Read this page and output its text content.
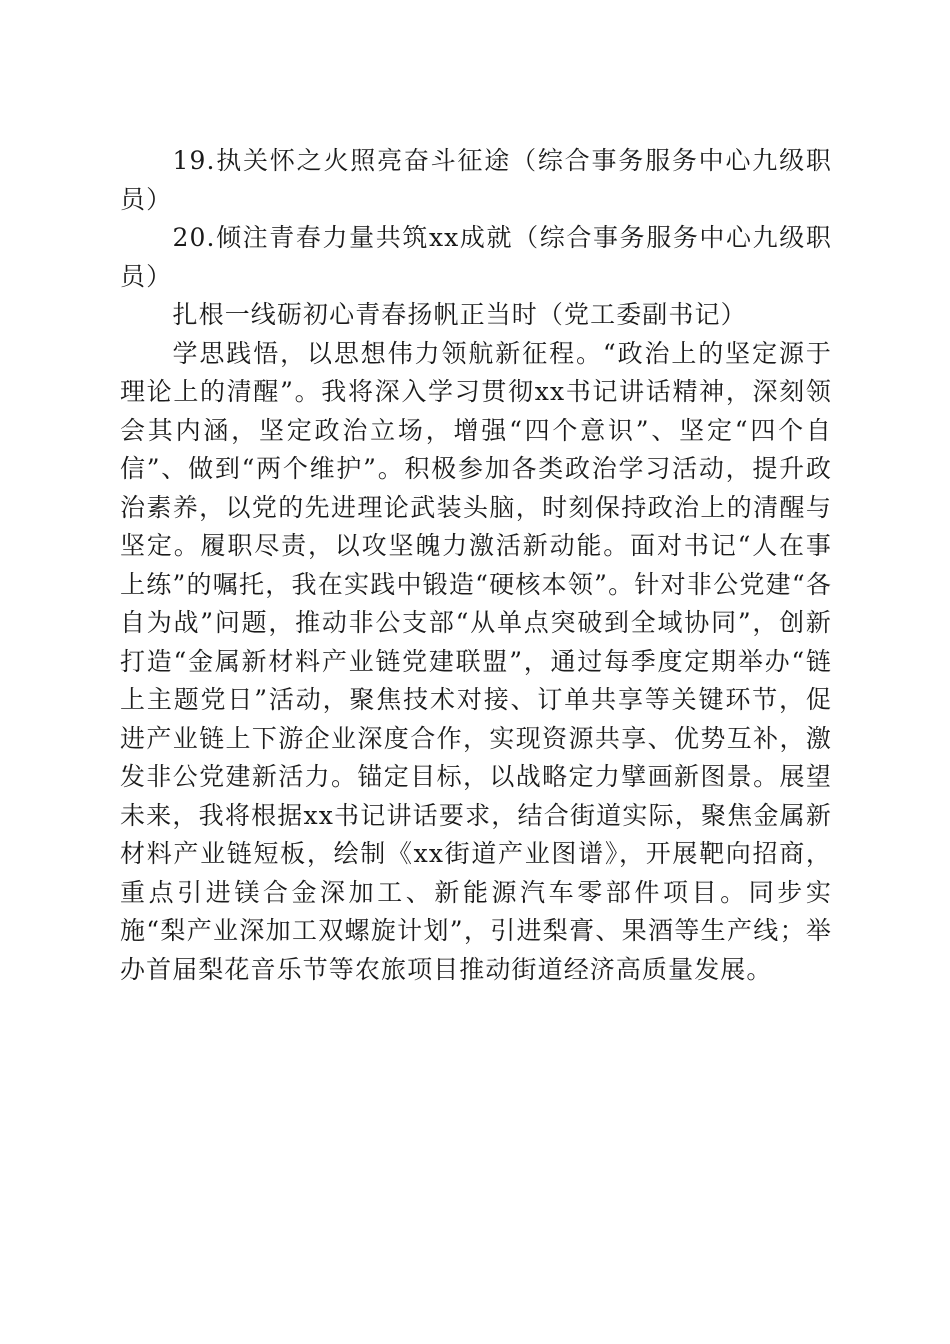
19.执关怀之火照亮奋斗征途（综合事务服务中心九级职员）

20.倾注青春力量共筑xx成就（综合事务服务中心九级职员）

扎根一线砺初心青春扬帆正当时（党工委副书记）

学思践悟，以思想伟力领航新征程。“政治上的坚定源于理论上的清醒”。我将深入学习贯彻xx书记讲话精神，深刻领会其内涵，坚定政治立场，增强“四个意识”、坚定“四个自信”、做到“两个维护”。积极参加各类政治学习活动，提升政治素养，以党的先进理论武装头脑，时刻保持政治上的清醒与坚定。履职尽责，以攻坚魄力激活新动能。面对书记“人在事上练”的嘱托，我在实践中锻造“硬核本领”。针对非公党建“各自为战”问题，推动非公支部“从单点突破到全域协同”，创新打造“金属新材料产业链党建联盟”，通过每季度定期举办“链上主题党日”活动，聚焦技术对接、订单共享等关键环节，促进产业链上下游企业深度合作，实现资源共享、优势互补，激发非公党建新活力。锚定目标，以战略定力擘画新图景。展望未来，我将根据xx书记讲话要求，结合街道实际，聚焦金属新材料产业链短板，绘制《xx街道产业图谱》，开展靶向招商，重点引进镁合金深加工、新能源汽车零部件项目。同步实施“梨产业深加工双螺旋计划”，引进梨膏、果酒等生产线；举办首届梨花音乐节等农旅项目推动街道经济高质量发展。
